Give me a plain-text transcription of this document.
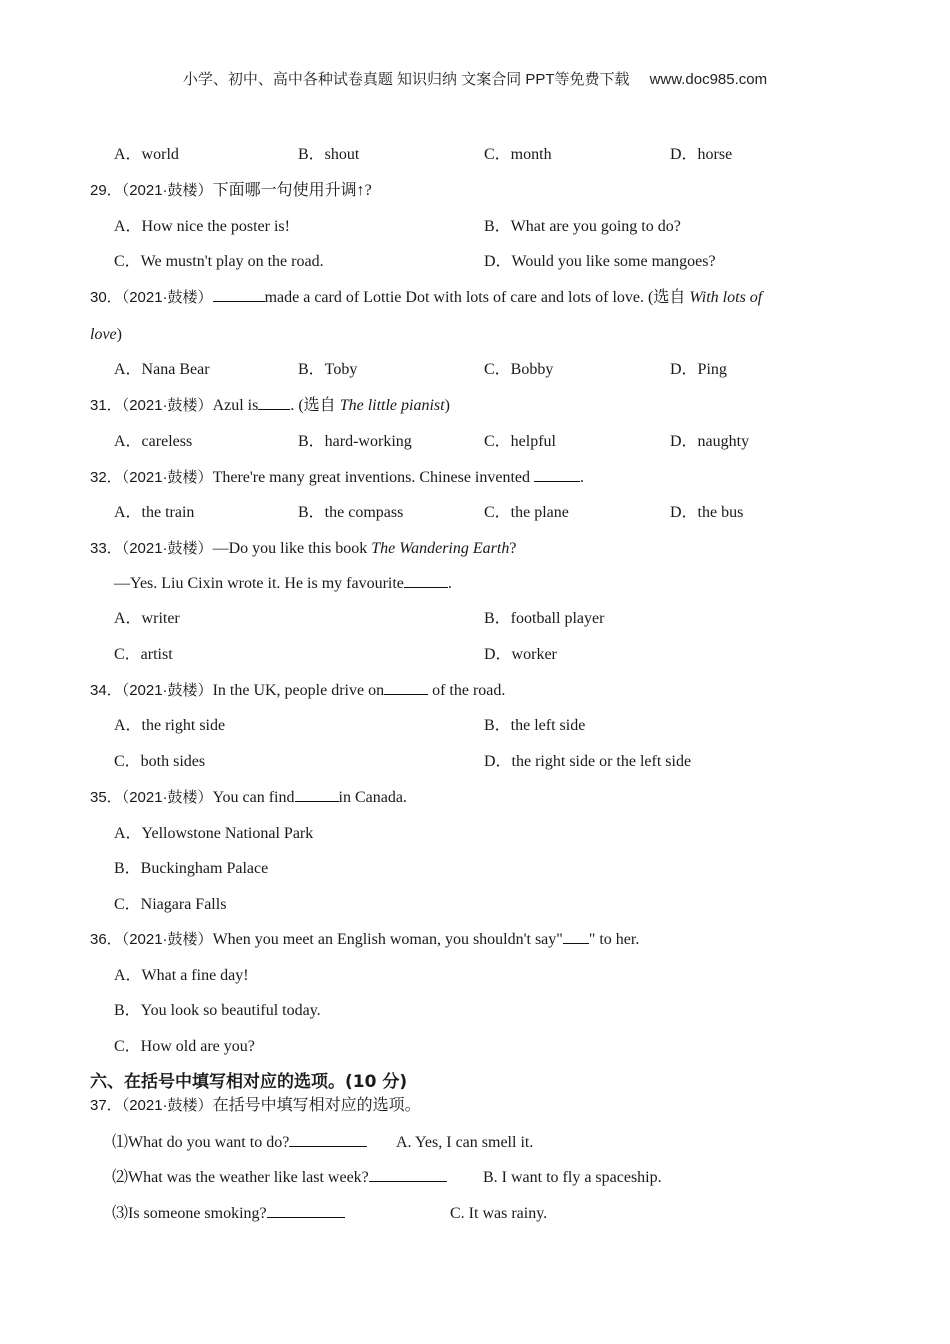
小学、初中、高中各种试卷真题 知识归纳 文案合同 PPT等免费下载 www.doc985.com
A．world	B．shout	C．month	D．horse
29．（2021·鼓楼）下面哪一句使用升调↑?
A．How nice the poster is!	B．What are you going to do?
C．We mustn't play on the road.	D．Would you like some mangoes?
30．（2021·鼓楼）	made a card of Lottie Dot with lots of care and lots of love. (选自 With lots of
love)
A．Nana Bear	B．Toby	C．Bobby	D．Ping
31．（2021·鼓楼）Azul is . (选自 The little pianist)
A．careless	B．hard-working	C．helpful	D．naughty
32．（2021·鼓楼）There're many great inventions. Chinese invented	.
A．the train	B．the compass	C．the plane	D．the bus
33．（2021·鼓楼）—Do you like this book The Wandering Earth?
—Yes. Liu Cixin wrote it. He is my favourite	.
A．writer	B．football player
C．artist	D．worker
34．（2021·鼓楼）In the UK, people drive on	of the road.
A．the right side	B．the left side
C．both sides	D．the right side or the left side
35．（2021·鼓楼）You can find	in Canada.
A．Yellowstone National Park
B．Buckingham Palace
C．Niagara Falls
36．（2021·鼓楼）When you meet an English woman, you shouldn't say" " to her.
A．What a fine day!
B．You look so beautiful today.
C．How old are you?
六、在括号中填写相对应的选项。(10 分)
37．（2021·鼓楼）在括号中填写相对应的选项。
⑴What do you want to do?	A. Yes, I can smell it.
⑵What was the weather like last week?	B. I want to fly a spaceship.
⑶Is someone smoking?	C. It was rainy.
